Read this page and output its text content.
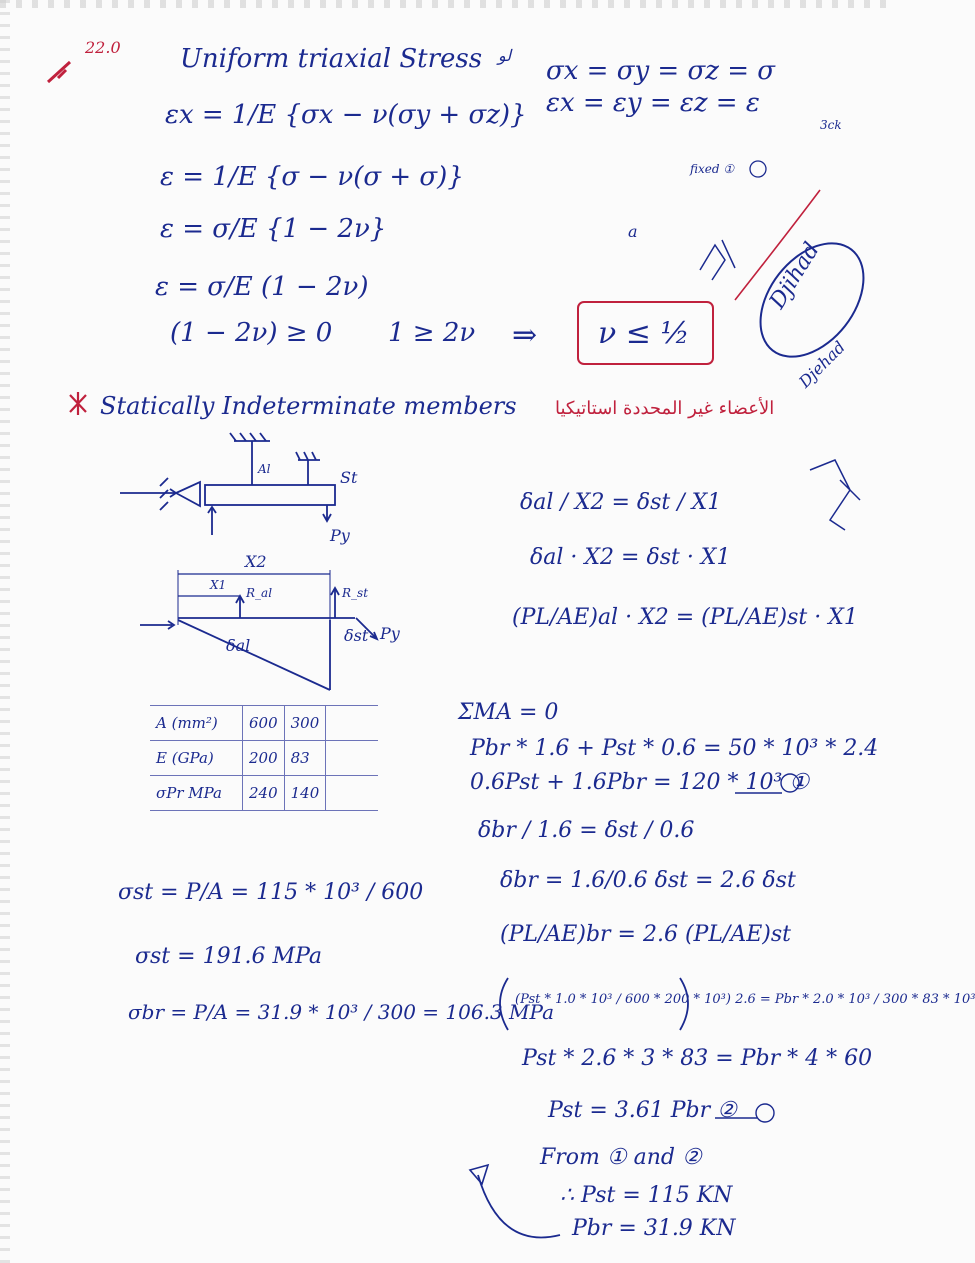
22.0 Uniform triaxial Stress لو
σx = σy = σz = σ
εx = εy = εz = ε
εx = 1/E {σx − ν(σy + σz)}
ε = 1/E {σ − ν(σ + σ)}
ε = σ/E {1 − 2ν}
ε = σ/E (1 − 2ν)
(1 − 2ν) ≥ 0 1 ≥ 2ν ⇒ ν ≤ ½
fixed ①
3ck
a
Djihad
Djehad
Statically Indeterminate members الأعضاء غير المحددة استاتيكيا
Al	St
Py
X2
X1
R_al	R_st
δal
δst Py
δal / X2 = δst / X1
δal · X2 = δst · X1
(PL/AE)al · X2 = (PL/AE)st · X1
A (mm²)	600	300	
E (GPa)	200	83	
σPr MPa	240	140	
ΣMA = 0
Pbr * 1.6 + Pst * 0.6 = 50 * 10³ * 2.4
0.6Pst + 1.6Pbr = 120 * 10³ ①
δbr / 1.6 = δst / 0.6
δbr = 1.6/0.6 δst = 2.6 δst
(PL/AE)br = 2.6 (PL/AE)st
(Pst * 1.0 * 10³ / 600 * 200 * 10³) 2.6 = Pbr * 2.0 * 10³ / 300 * 83 * 10³
Pst * 2.6 * 3 * 83 = Pbr * 4 * 60
Pst = 3.61 Pbr ②
From ① and ②
∴ Pst = 115 KN
Pbr = 31.9 KN
σst = P/A = 115 * 10³ / 600
σst = 191.6 MPa
σbr = P/A = 31.9 * 10³ / 300 = 106.3 MPa
